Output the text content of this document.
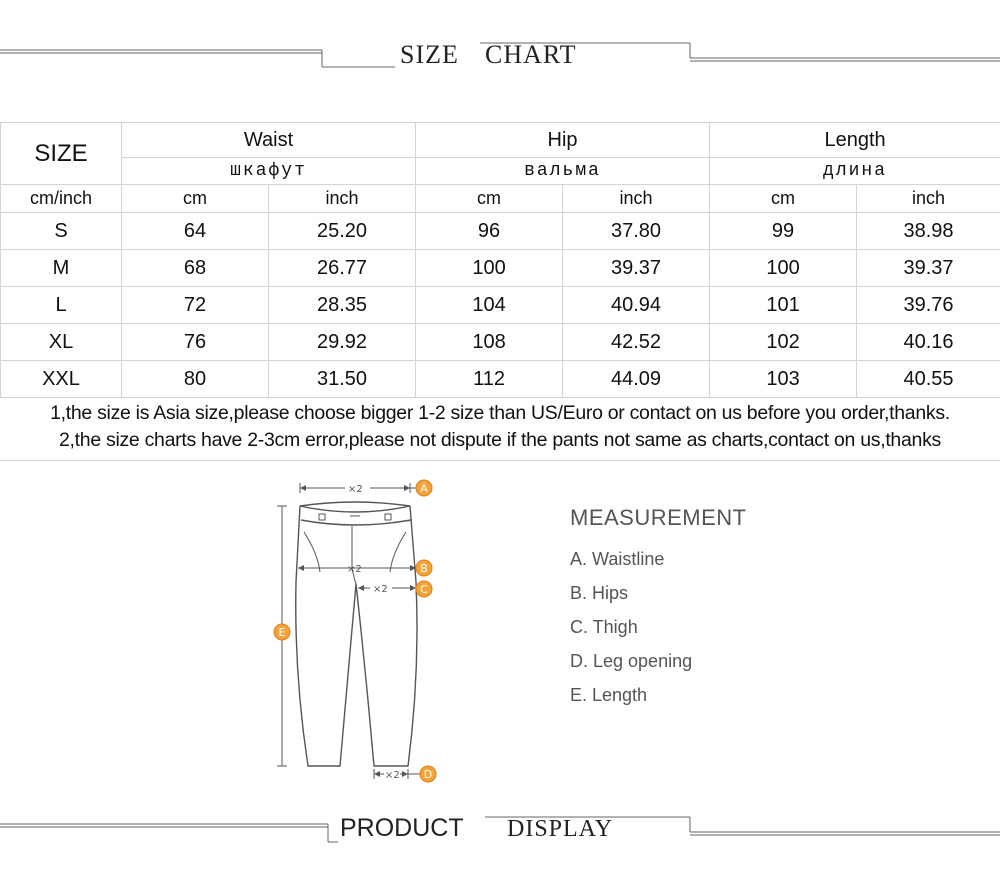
SIZE CHART
SIZE	Waist		Hip		Length	
	шкафут		вальма		длина	
cm/inch	cm	inch	cm	inch	cm	inch
S	64	25.20	96	37.80	99	38.98
M	68	26.77	100	39.37	100	39.37
L	72	28.35	104	40.94	101	39.76
XL	76	29.92	108	42.52	102	40.16
XXL	80	31.50	112	44.09	103	40.55
1,the size is Asia size,please choose bigger 1-2 size than US/Euro or contact on us before you order,thanks.
2,the size charts have 2-3cm error,please not dispute if the pants not same as charts,contact on us,thanks
×2
×2
×2
×2
A
B
C
D
E
MEASUREMENT
A. Waistline
B. Hips
C. Thigh
D. Leg opening
E. Length
PRODUCT DISPLAY
